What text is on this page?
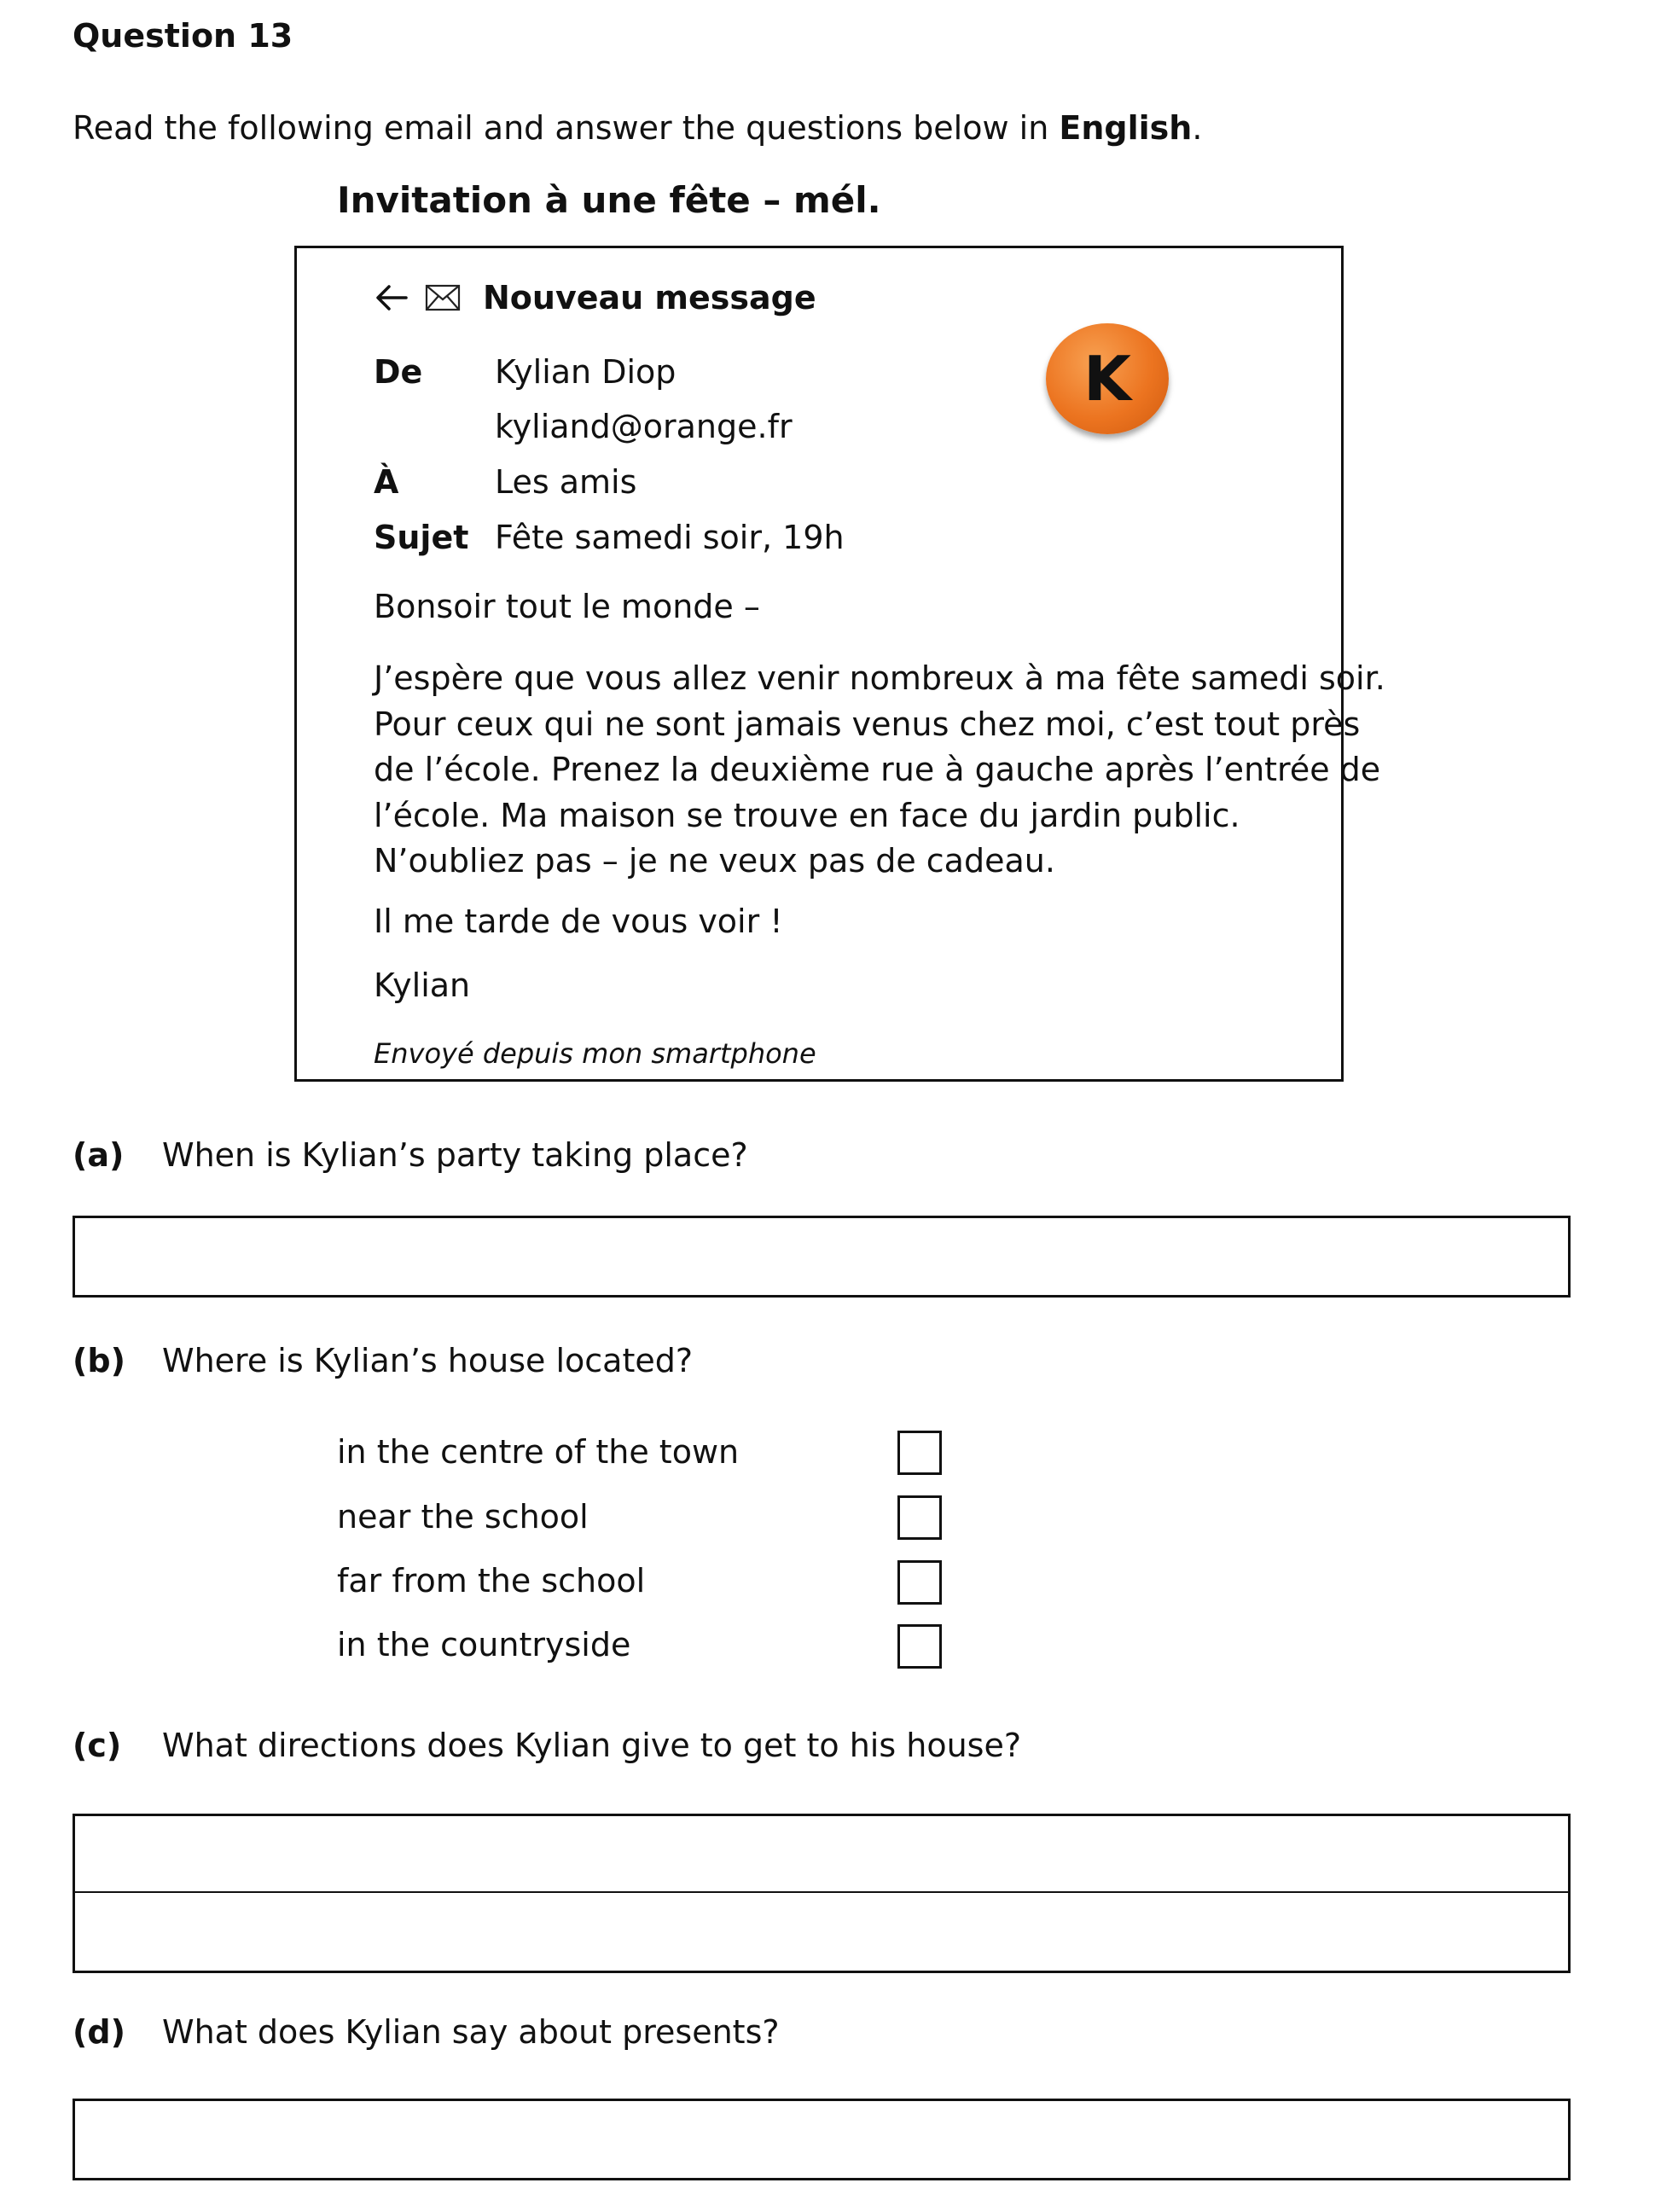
Question 13
Read the following email and answer the questions below in English.
Invitation à une fête – mél.
Nouveau message
K
De Kylian Diop
kyliand@orange.fr
À	Les amis
Sujet Fête samedi soir, 19h
Bonsoir tout le monde –
J’espère que vous allez venir nombreux à ma fête samedi soir.
Pour ceux qui ne sont jamais venus chez moi, c’est tout près
de l’école. Prenez la deuxième rue à gauche après l’entrée de
l’école. Ma maison se trouve en face du jardin public.
N’oubliez pas – je ne veux pas de cadeau.
Il me tarde de vous voir !
Kylian
Envoyé depuis mon smartphone
(a) When is Kylian’s party taking place?
(b) Where is Kylian’s house located?
in the centre of the town
near the school
far from the school
in the countryside
(c) What directions does Kylian give to get to his house?
(d) What does Kylian say about presents?
